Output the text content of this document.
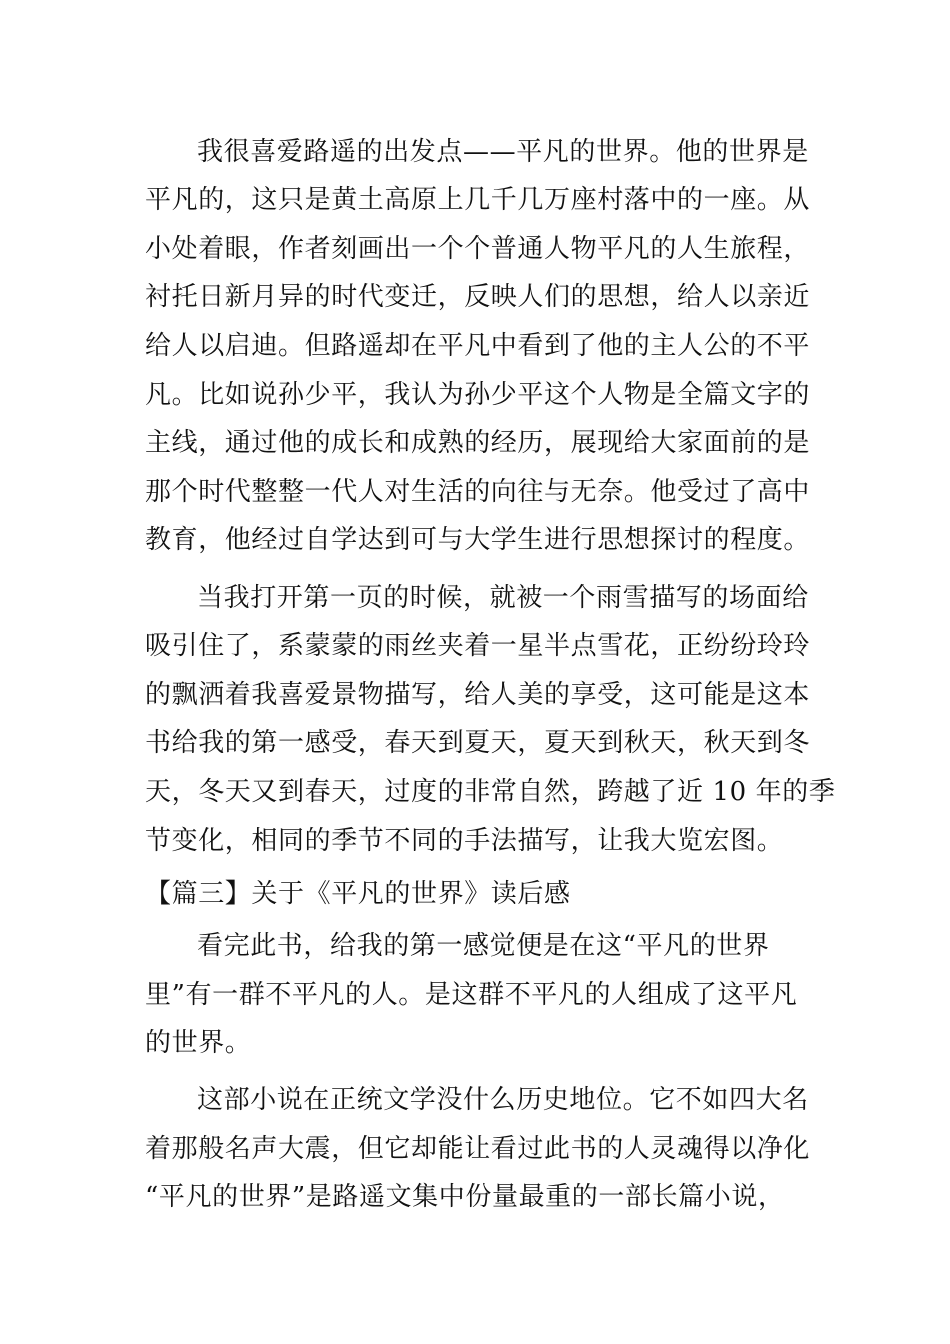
我很喜爱路遥的出发点——平凡的世界。他的世界是
平凡的，这只是黄土高原上几千几万座村落中的一座。从
小处着眼，作者刻画出一个个普通人物平凡的人生旅程，
衬托日新月异的时代变迁，反映人们的思想，给人以亲近
给人以启迪。但路遥却在平凡中看到了他的主人公的不平
凡。比如说孙少平，我认为孙少平这个人物是全篇文字的
主线，通过他的成长和成熟的经历，展现给大家面前的是
那个时代整整一代人对生活的向往与无奈。他受过了高中
教育，他经过自学达到可与大学生进行思想探讨的程度。
当我打开第一页的时候，就被一个雨雪描写的场面给
吸引住了，系蒙蒙的雨丝夹着一星半点雪花，正纷纷玲玲
的飘洒着我喜爱景物描写，给人美的享受，这可能是这本
书给我的第一感受，春天到夏天，夏天到秋天，秋天到冬
天，冬天又到春天，过度的非常自然，跨越了近 10 年的季
节变化，相同的季节不同的手法描写，让我大览宏图。
【篇三】关于《平凡的世界》读后感
看完此书，给我的第一感觉便是在这“平凡的世界
里”有一群不平凡的人。是这群不平凡的人组成了这平凡
的世界。
这部小说在正统文学没什么历史地位。它不如四大名
着那般名声大震，但它却能让看过此书的人灵魂得以净化
“平凡的世界”是路遥文集中份量最重的一部长篇小说，
